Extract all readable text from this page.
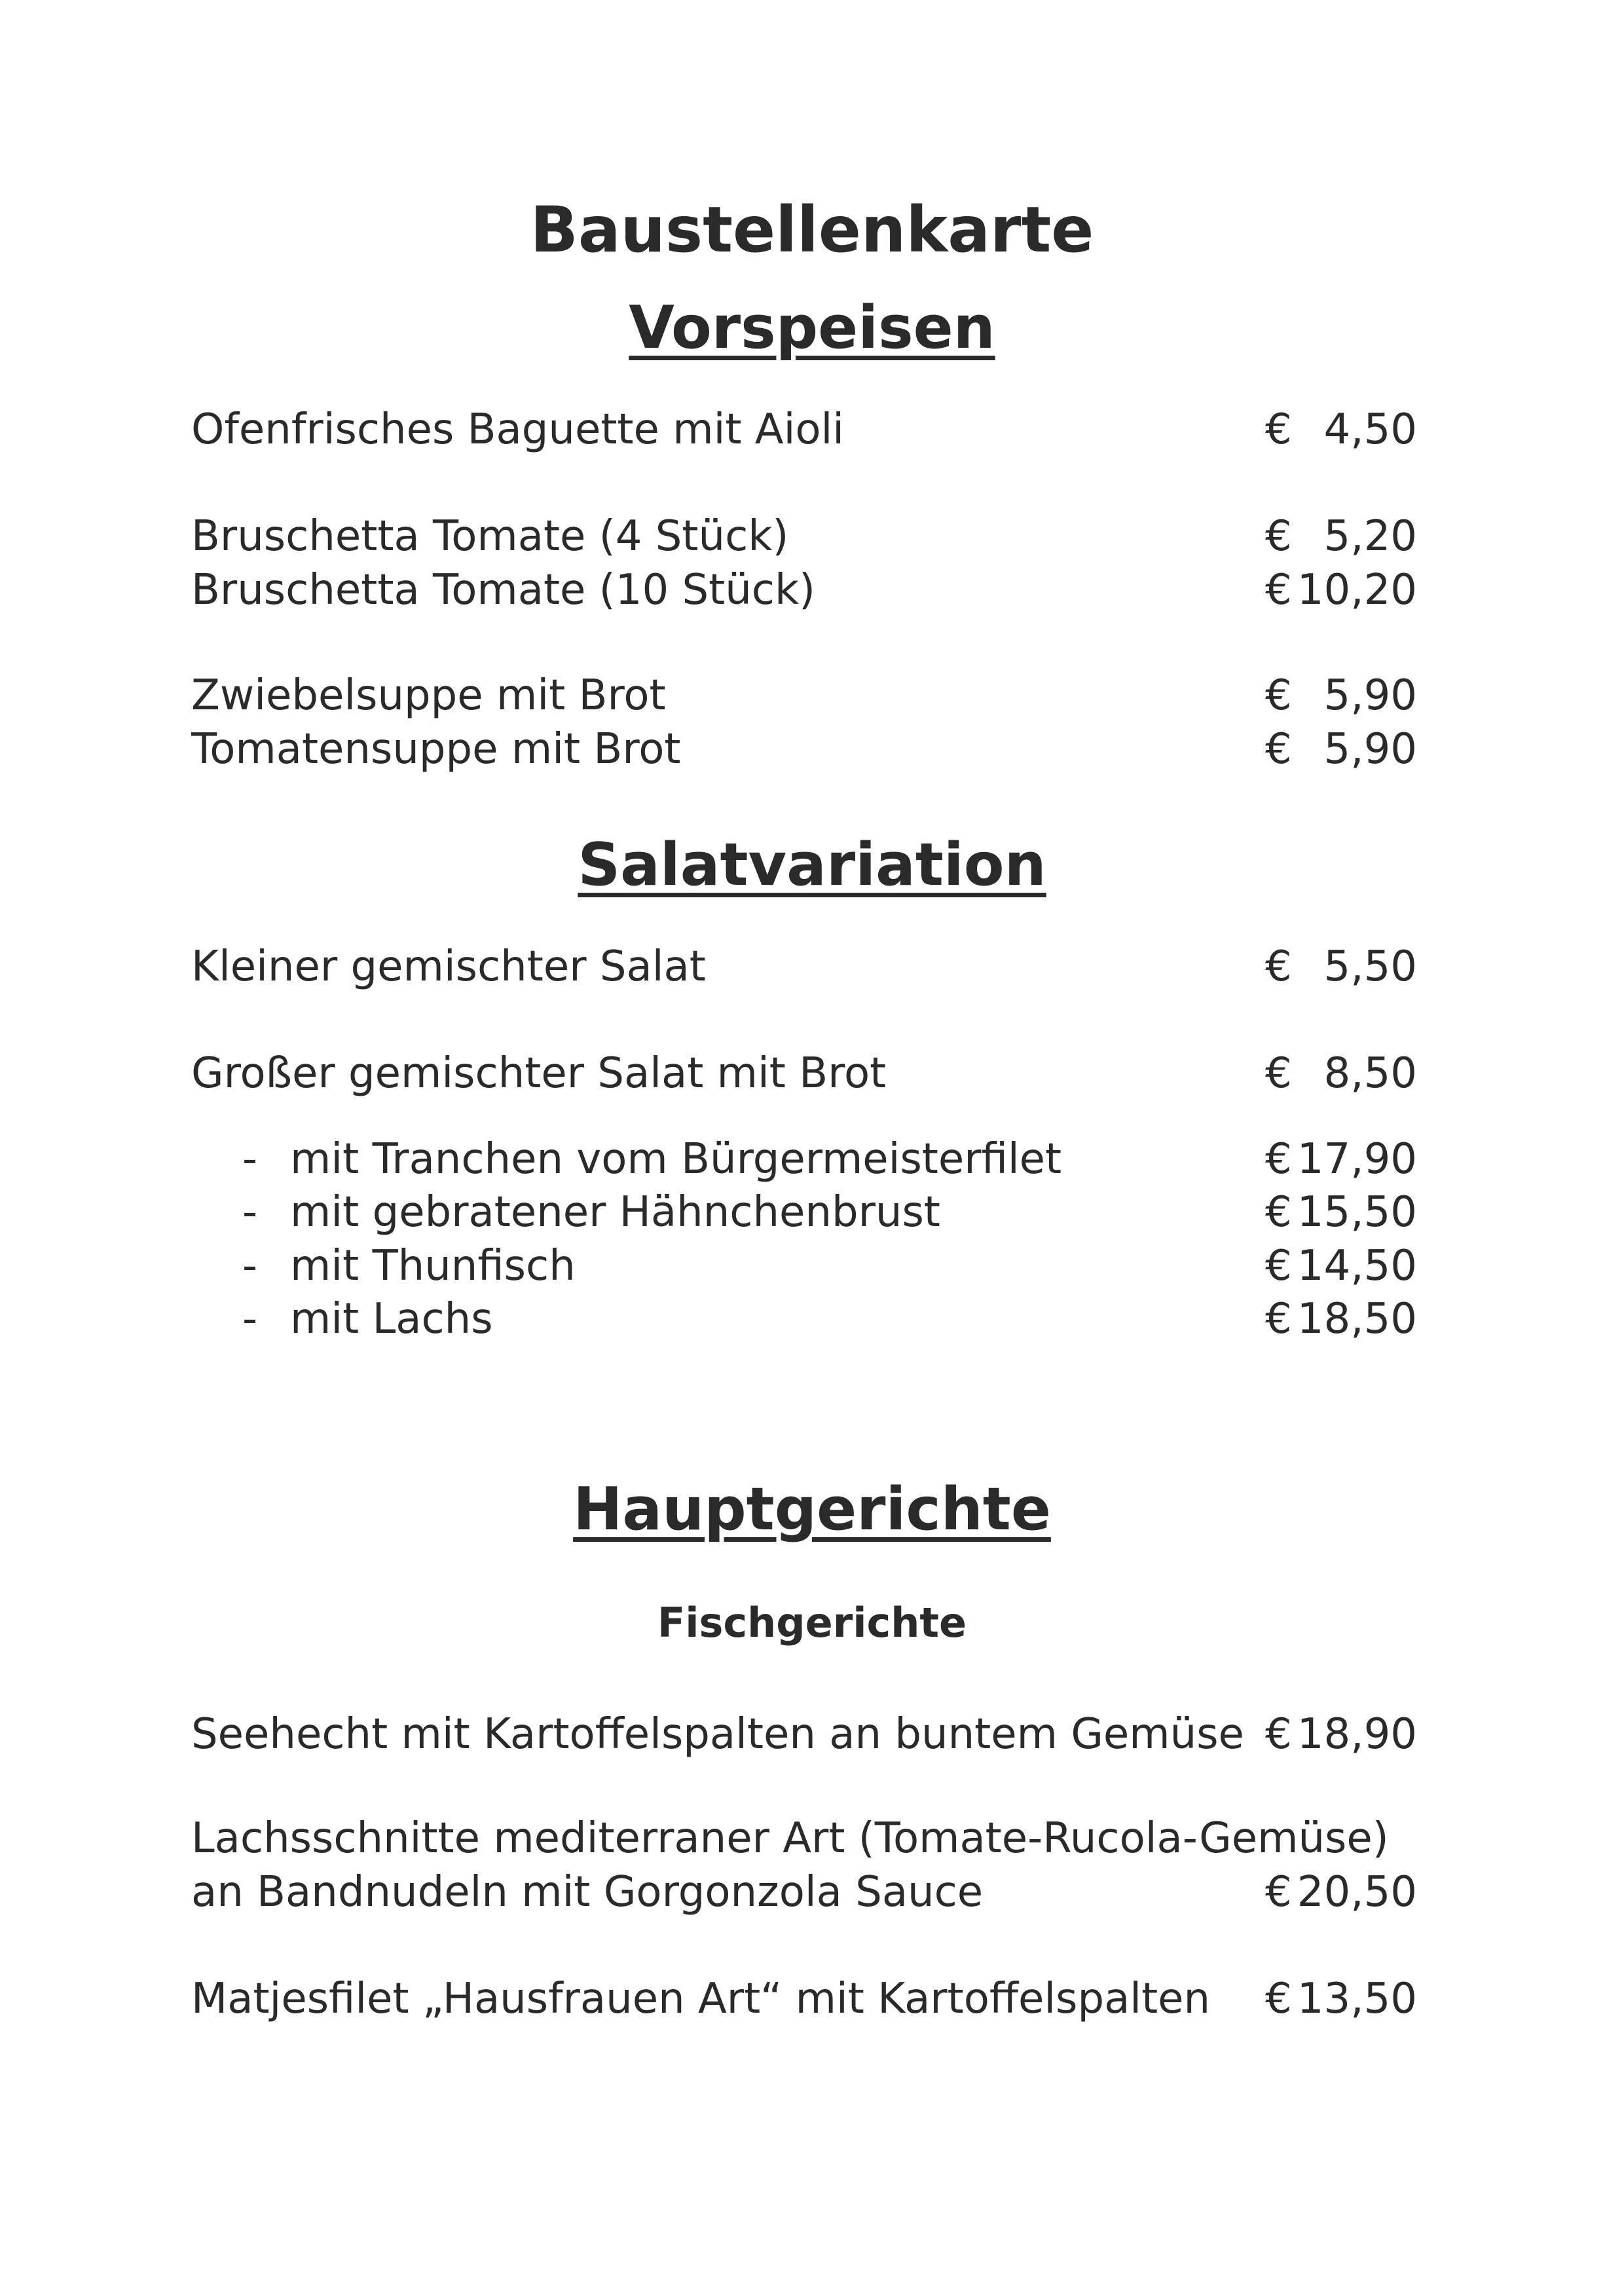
Baustellenkarte
Vorspeisen
Ofenfrisches Baguette mit Aioli	€ 4,50
Bruschetta Tomate (4 Stück)	€ 5,20
Bruschetta Tomate (10 Stück)	€ 10,20
Zwiebelsuppe mit Brot	€ 5,90
Tomatensuppe mit Brot	€ 5,90
Salatvariation
Kleiner gemischter Salat	€ 5,50
Großer gemischter Salat mit Brot	€ 8,50
- mit Tranchen vom Bürgermeisterfilet	€ 17,90
- mit gebratener Hähnchenbrust	€ 15,50
- mit Thunfisch	€ 14,50
- mit Lachs	€ 18,50
Hauptgerichte
Fischgerichte
Seehecht mit Kartoffelspalten an buntem Gemüse € 18,90
Lachsschnitte mediterraner Art (Tomate-Rucola-Gemüse)
an Bandnudeln mit Gorgonzola Sauce	€ 20,50
Matjesfilet „Hausfrauen Art“ mit Kartoffelspalten € 13,50
